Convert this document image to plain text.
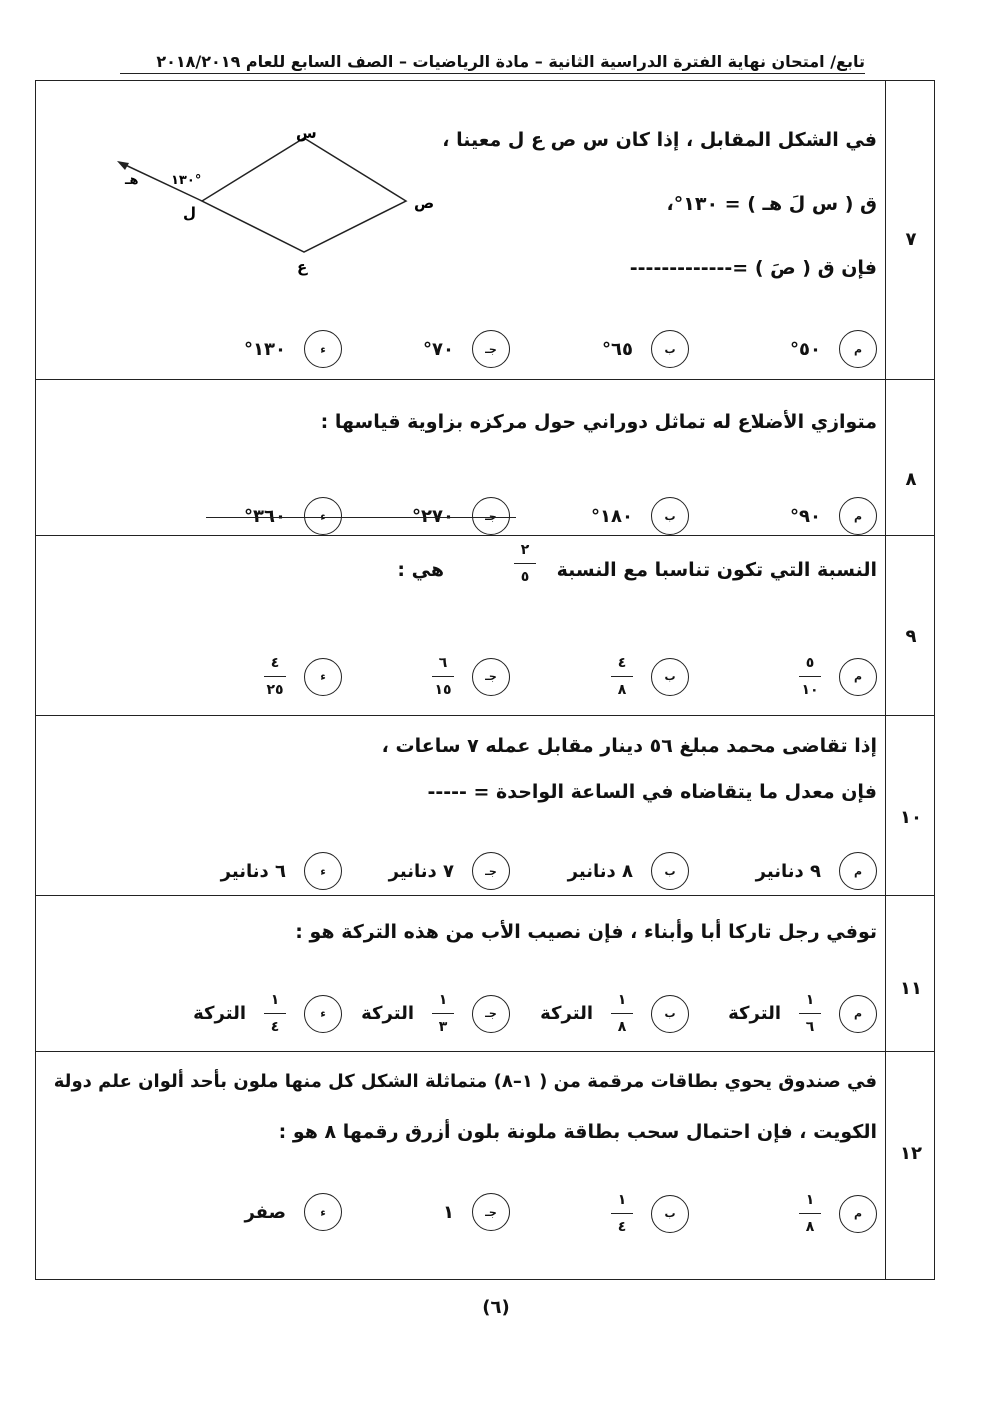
تابع/ امتحان نهاية الفترة الدراسية الثانية – مادة الرياضيات – الصف السابع للعام ٢٠١٨/٢٠١٩
٧
في الشكل المقابل ، إذا كان س ص ع ل معينا ،
ق ( س لَ هـ ) = ١٣٠°،
فإن ق ( صَ ) =-------------
س
ص
ع
ل
هـ	١٣٠°
م
٥٠°
ب
٦٥°
جـ
٧٠°
ء
١٣٠°
٨
متوازي الأضلاع له تماثل دوراني حول مركزه بزاوية قياسها :
م
٩٠°
ب
١٨٠°
جـ
٢٧٠°
ء
٣٦٠°
٩
النسبة التي تكون تناسبا مع النسبة
٢
٥
هي :
م
$\frac{٥}{١٠}$
ب
$\frac{٤}{٨}$
جـ
$\frac{٦}{١٥}$
ء
$\frac{٤}{٢٥}$
١٠
إذا تقاضى محمد مبلغ ٥٦ دينار مقابل عمله ٧ ساعات ،
فإن معدل ما يتقاضاه في الساعة الواحدة = -----
م
٩ دنانير
ب
٨ دنانير
جـ
٧ دنانير
ء
٦ دنانير
١١
توفي رجل تاركا أبا وأبناء ، فإن نصيب الأب من هذه التركة هو :
م
$\frac{١}{٦}$
التركة
ب
$\frac{١}{٨}$
التركة
جـ
$\frac{١}{٣}$
التركة
ء
$\frac{١}{٤}$
التركة
١٢
في صندوق يحوي بطاقات مرقمة من ( ١–٨) متماثلة الشكل كل منها ملون بأحد ألوان علم دولة
الكويت ، فإن احتمال سحب بطاقة ملونة بلون أزرق رقمها ٨ هو :
م
$\frac{١}{٨}$
ب
$\frac{١}{٤}$
جـ
١
ء
صفر
(٦)
